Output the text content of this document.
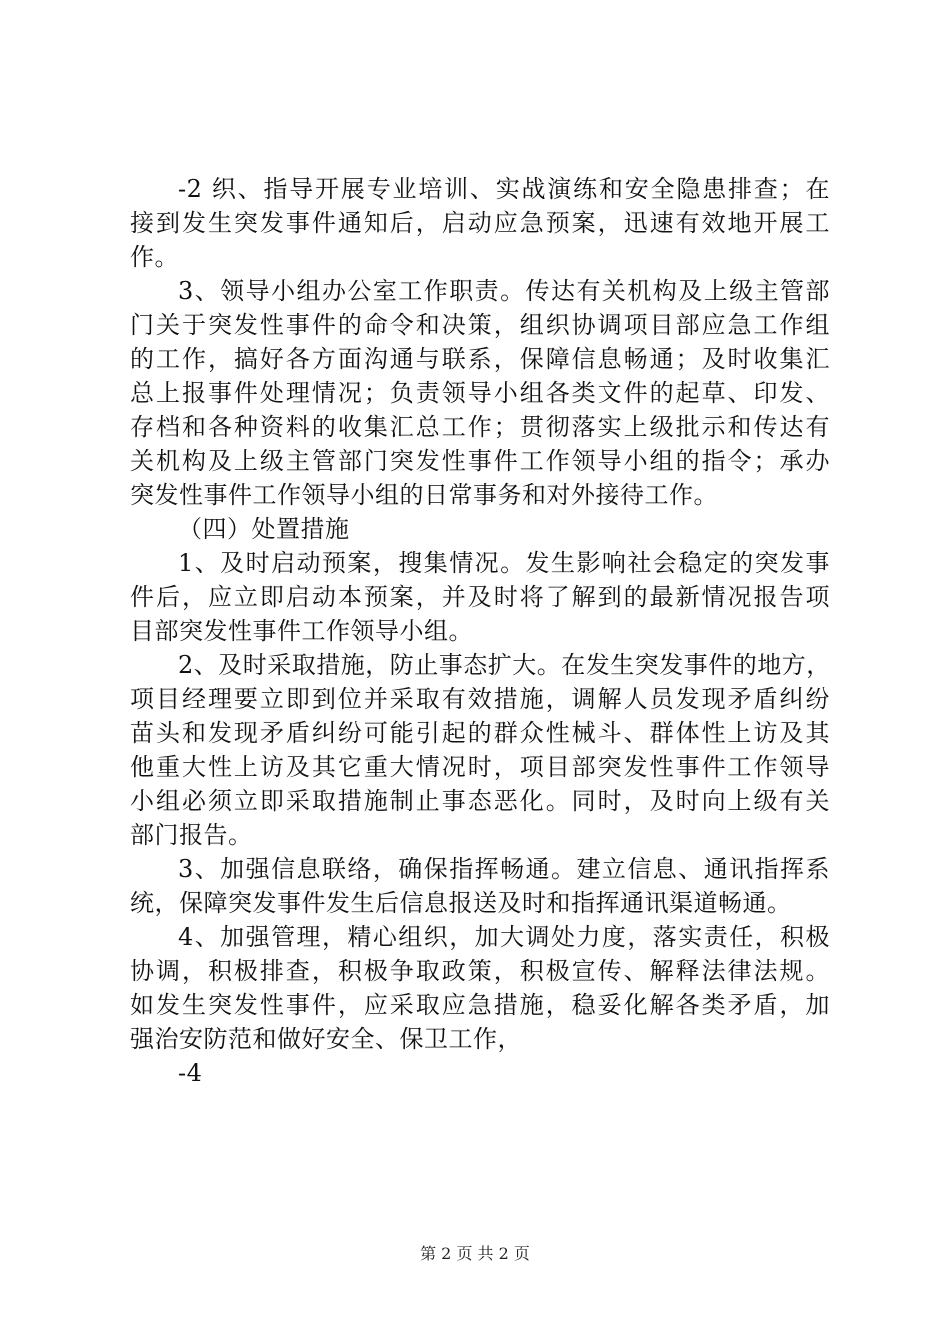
-2 织、指导开展专业培训、实战演练和安全隐患排查；在
接到发生突发事件通知后，启动应急预案，迅速有效地开展工
作。
3、领导小组办公室工作职责。传达有关机构及上级主管部
门关于突发性事件的命令和决策，组织协调项目部应急工作组
的工作，搞好各方面沟通与联系，保障信息畅通；及时收集汇
总上报事件处理情况；负责领导小组各类文件的起草、印发、
存档和各种资料的收集汇总工作；贯彻落实上级批示和传达有
关机构及上级主管部门突发性事件工作领导小组的指令；承办
突发性事件工作领导小组的日常事务和对外接待工作。
（四）处置措施
1、及时启动预案，搜集情况。发生影响社会稳定的突发事
件后，应立即启动本预案，并及时将了解到的最新情况报告项
目部突发性事件工作领导小组。
2、及时采取措施，防止事态扩大。在发生突发事件的地方，
项目经理要立即到位并采取有效措施，调解人员发现矛盾纠纷
苗头和发现矛盾纠纷可能引起的群众性械斗、群体性上访及其
他重大性上访及其它重大情况时，项目部突发性事件工作领导
小组必须立即采取措施制止事态恶化。同时，及时向上级有关
部门报告。
3、加强信息联络，确保指挥畅通。建立信息、通讯指挥系
统，保障突发事件发生后信息报送及时和指挥通讯渠道畅通。
4、加强管理，精心组织，加大调处力度，落实责任，积极
协调，积极排查，积极争取政策，积极宣传、解释法律法规。
如发生突发性事件，应采取应急措施，稳妥化解各类矛盾，加
强治安防范和做好安全、保卫工作，
-4
第 2 页 共 2 页
